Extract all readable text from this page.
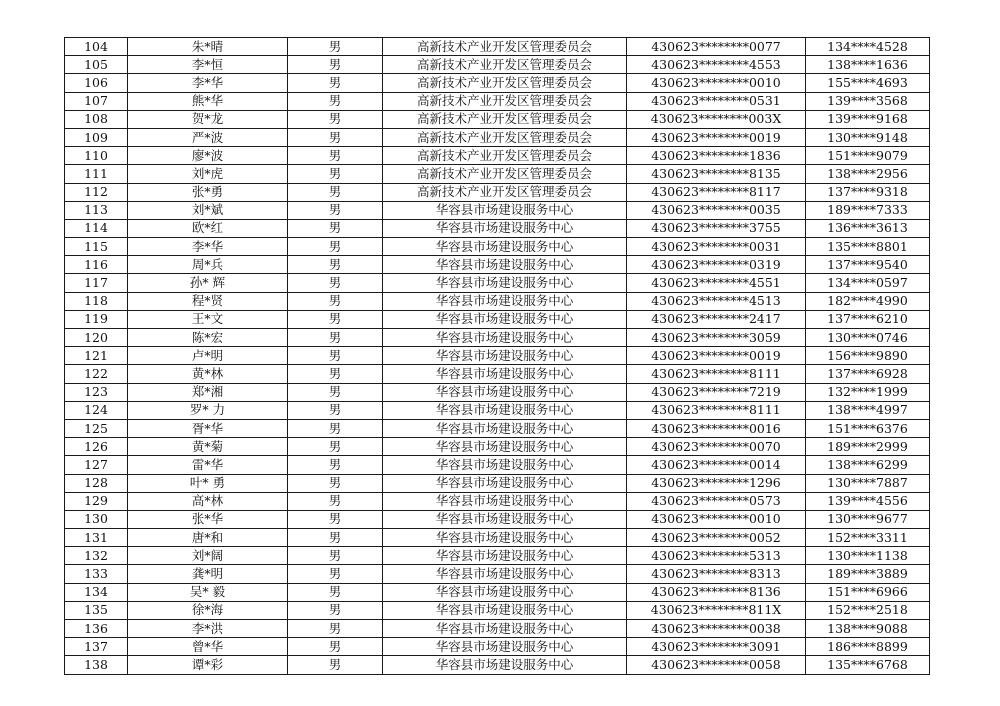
104	朱*晴	男	高新技术产业开发区管理委员会	430623********0077	134****4528
105	李*恒	男	高新技术产业开发区管理委员会	430623********4553	138****1636
106	李*华	男	高新技术产业开发区管理委员会	430623********0010	155****4693
107	熊*华	男	高新技术产业开发区管理委员会	430623********0531	139****3568
108	贺*龙	男	高新技术产业开发区管理委员会	430623********003X	139****9168
109	严*波	男	高新技术产业开发区管理委员会	430623********0019	130****9148
110	廖*波	男	高新技术产业开发区管理委员会	430623********1836	151****9079
111	刘*虎	男	高新技术产业开发区管理委员会	430623********8135	138****2956
112	张*勇	男	高新技术产业开发区管理委员会	430623********8117	137****9318
113	刘*斌	男	华容县市场建设服务中心	430623********0035	189****7333
114	欧*红	男	华容县市场建设服务中心	430623********3755	136****3613
115	李*华	男	华容县市场建设服务中心	430623********0031	135****8801
116	周*兵	男	华容县市场建设服务中心	430623********0319	137****9540
117	孙* 辉	男	华容县市场建设服务中心	430623********4551	134****0597
118	程*贤	男	华容县市场建设服务中心	430623********4513	182****4990
119	王*文	男	华容县市场建设服务中心	430623********2417	137****6210
120	陈*宏	男	华容县市场建设服务中心	430623********3059	130****0746
121	卢*明	男	华容县市场建设服务中心	430623********0019	156****9890
122	黄*林	男	华容县市场建设服务中心	430623********8111	137****6928
123	郑*湘	男	华容县市场建设服务中心	430623********7219	132****1999
124	罗* 力	男	华容县市场建设服务中心	430623********8111	138****4997
125	胥*华	男	华容县市场建设服务中心	430623********0016	151****6376
126	黄*菊	男	华容县市场建设服务中心	430623********0070	189****2999
127	雷*华	男	华容县市场建设服务中心	430623********0014	138****6299
128	叶* 勇	男	华容县市场建设服务中心	430623********1296	130****7887
129	高*林	男	华容县市场建设服务中心	430623********0573	139****4556
130	张*华	男	华容县市场建设服务中心	430623********0010	130****9677
131	唐*和	男	华容县市场建设服务中心	430623********0052	152****3311
132	刘*阔	男	华容县市场建设服务中心	430623********5313	130****1138
133	龚*明	男	华容县市场建设服务中心	430623********8313	189****3889
134	吴* 毅	男	华容县市场建设服务中心	430623********8136	151****6966
135	徐*海	男	华容县市场建设服务中心	430623********811X	152****2518
136	李*洪	男	华容县市场建设服务中心	430623********0038	138****9088
137	曾*华	男	华容县市场建设服务中心	430623********3091	186****8899
138	谭*彩	男	华容县市场建设服务中心	430623********0058	135****6768
